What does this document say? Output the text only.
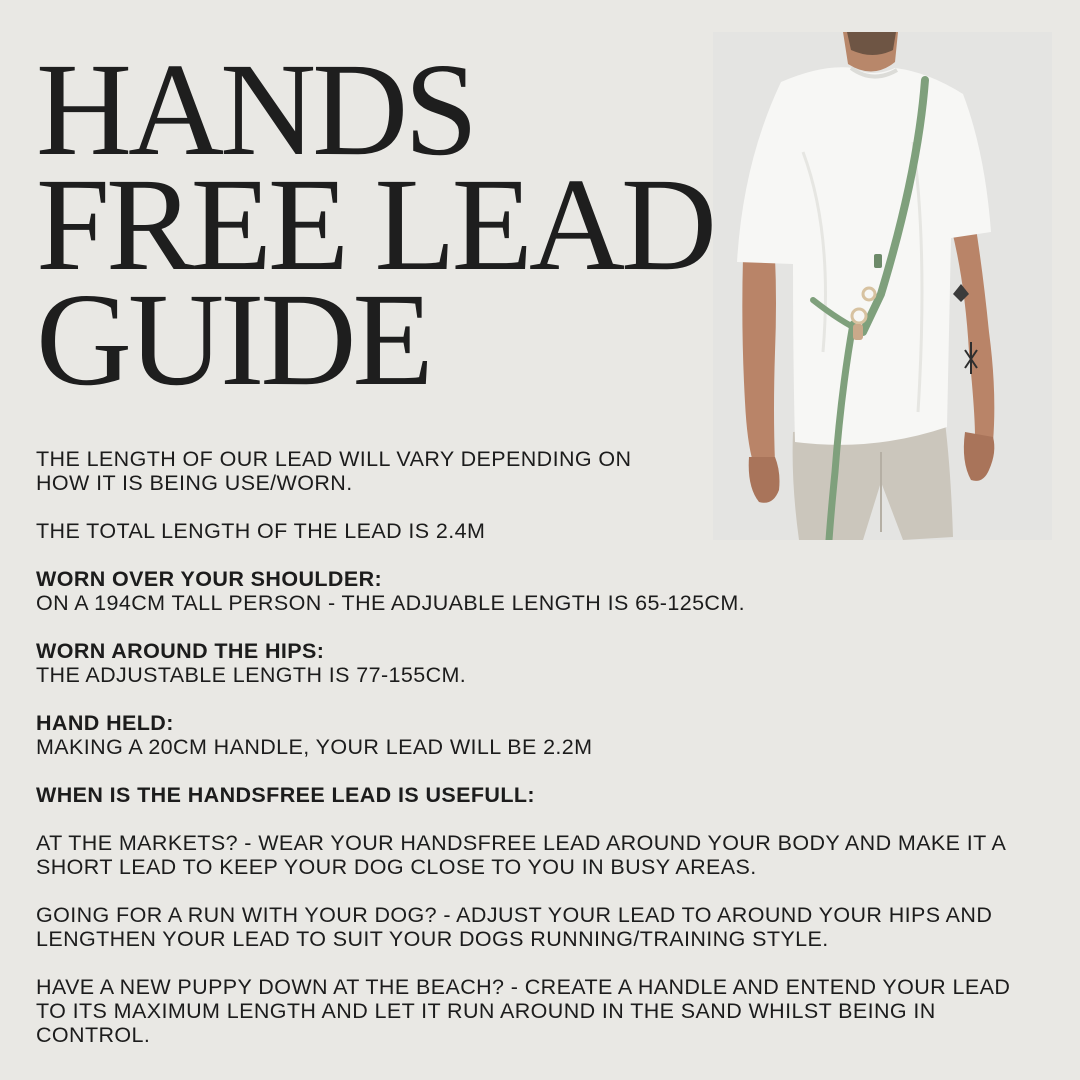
HANDS
FREE LEAD
GUIDE

THE LENGTH OF OUR LEAD WILL VARY DEPENDING ON

HOW IT IS BEING USE/WORN.

THE TOTAL LENGTH OF THE LEAD IS 2.4M

WORN OVER YOUR SHOULDER:

ON A 194CM TALL PERSON - THE ADJUABLE LENGTH IS 65-125CM.

WORN AROUND THE HIPS:

THE ADJUSTABLE LENGTH IS 77-155CM.

HAND HELD:

MAKING A 20CM HANDLE, YOUR LEAD WILL BE 2.2M

WHEN IS THE HANDSFREE LEAD IS USEFULL:

AT THE MARKETS? - WEAR YOUR HANDSFREE LEAD AROUND YOUR BODY AND MAKE IT A

SHORT LEAD TO KEEP YOUR DOG CLOSE TO YOU IN BUSY AREAS.

GOING FOR A RUN WITH YOUR DOG? - ADJUST YOUR LEAD TO AROUND YOUR HIPS AND

LENGTHEN YOUR LEAD TO SUIT YOUR DOGS RUNNING/TRAINING STYLE.

HAVE A NEW PUPPY DOWN AT THE BEACH? - CREATE A HANDLE AND ENTEND YOUR LEAD

TO ITS MAXIMUM LENGTH AND LET IT RUN AROUND IN THE SAND WHILST BEING IN

CONTROL.
